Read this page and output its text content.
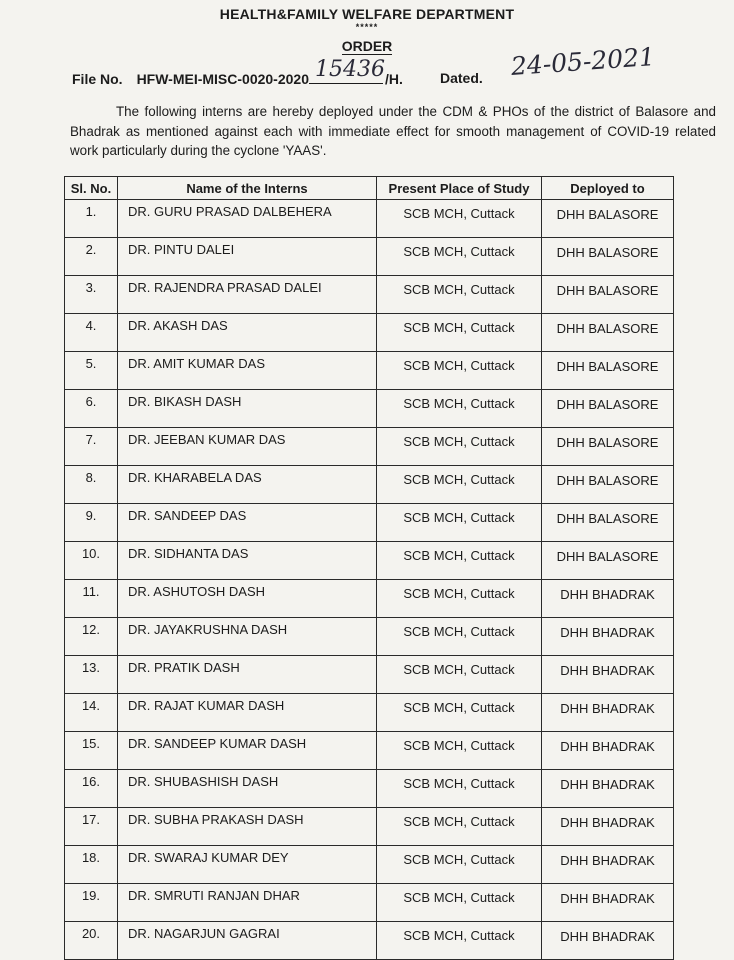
HEALTH&FAMILY WELFARE DEPARTMENT
*****
ORDER
File No. HFW-MEI-MISC-0020-2020 15436 /H.	Dated. 24-05-2021
The following interns are hereby deployed under the CDM & PHOs of the district of Balasore and Bhadrak as mentioned against each with immediate effect for smooth management of COVID-19 related work particularly during the cyclone 'YAAS'.
Sl. No.	Name of the Interns	Present Place of Study	Deployed to
1.	DR. GURU PRASAD DALBEHERA	SCB MCH, Cuttack	DHH BALASORE
2.	DR. PINTU DALEI	SCB MCH, Cuttack	DHH BALASORE
3.	DR. RAJENDRA PRASAD DALEI	SCB MCH, Cuttack	DHH BALASORE
4.	DR. AKASH DAS	SCB MCH, Cuttack	DHH BALASORE
5.	DR. AMIT KUMAR DAS	SCB MCH, Cuttack	DHH BALASORE
6.	DR. BIKASH DASH	SCB MCH, Cuttack	DHH BALASORE
7.	DR. JEEBAN KUMAR DAS	SCB MCH, Cuttack	DHH BALASORE
8.	DR. KHARABELA DAS	SCB MCH, Cuttack	DHH BALASORE
9.	DR. SANDEEP DAS	SCB MCH, Cuttack	DHH BALASORE
10.	DR. SIDHANTA DAS	SCB MCH, Cuttack	DHH BALASORE
11.	DR. ASHUTOSH DASH	SCB MCH, Cuttack	DHH BHADRAK
12.	DR. JAYAKRUSHNA DASH	SCB MCH, Cuttack	DHH BHADRAK
13.	DR. PRATIK DASH	SCB MCH, Cuttack	DHH BHADRAK
14.	DR. RAJAT KUMAR DASH	SCB MCH, Cuttack	DHH BHADRAK
15.	DR. SANDEEP KUMAR DASH	SCB MCH, Cuttack	DHH BHADRAK
16.	DR. SHUBASHISH DASH	SCB MCH, Cuttack	DHH BHADRAK
17.	DR. SUBHA PRAKASH DASH	SCB MCH, Cuttack	DHH BHADRAK
18.	DR. SWARAJ KUMAR DEY	SCB MCH, Cuttack	DHH BHADRAK
19.	DR. SMRUTI RANJAN DHAR	SCB MCH, Cuttack	DHH BHADRAK
20.	DR. NAGARJUN GAGRAI	SCB MCH, Cuttack	DHH BHADRAK
